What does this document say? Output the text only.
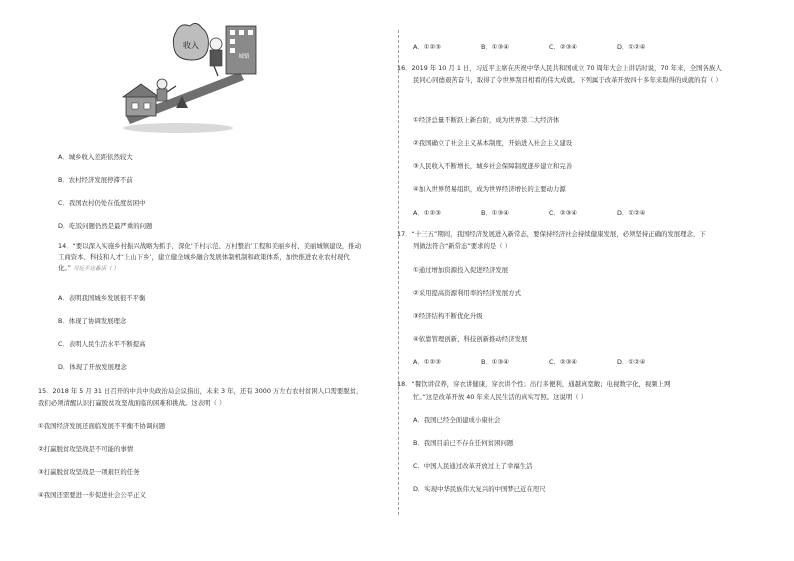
收入
城镇
A．城乡收入差距依然较大
B．农村经济发展停滞不前
C．我国农村仍处在低度贫困中
D．吃饭问题仍然是最严重的问题
14．“要以深入实施乡村振兴战略为抓手，深化‘千村示范、万村整治’工程和美丽乡村、美丽城镇建设，推动
工商资本、科技和人才‘上山下乡’，建立健全城乡融合发展体制机制和政策体系，加快推进农业农村现代
化。” 习近平这番话（ ）
A．表明我国城乡发展很不平衡
B．体现了协调发展理念
C．表明人民生活水平不断提高
D．体现了开放发展理念
15．2018 年 5 月 31 日召开的中共中央政治局会议指出，未来 3 年，还有 3000 万左右农村贫困人口需要脱贫，
我们必须清醒认识打赢脱贫攻坚战面临的困难和挑战。这表明（ ）
①我国经济发展还面临发展不平衡不协调问题
②打赢脱贫攻坚战是不可能的事情
③打赢脱贫攻坚战是一项艰巨的任务
④我国还需要进一步促进社会公平正义
A．①②③	B．①③④	C．②③④	D．①②④
16．2019 年 10 月 1 日，习近平主席在庆祝中华人民共和国成立 70 周年大会上讲话时说，70 年来，全国各族人
民同心同德艰苦奋斗，取得了令世界刮目相看的伟大成就。下列属于改革开放四十多年来取得的成就的有（ ）
①经济总量不断跃上新台阶，成为世界第二大经济体
②我国确立了社会主义基本制度，开始进入社会主义建设
③人民收入不断增长，城乡社会保障制度逐步建立和完善
④加入世界贸易组织，成为世界经济增长的主要动力源
A．①②③	B．①③④	C．②③④	D．①②④
17．“十三五”期间，我国经济发展进入新常态，要保持经济社会持续健康发展，必须坚持正确的发展理念，下
列做法符合“新常态”要求的是（ ）
①通过增加资源投入促进经济发展
②采用提高资源利用率的经济发展方式
③经济结构不断优化升级
④依靠管理创新、科技创新推动经济发展
A．①②③	B．①③④	C．②③④	D．①②④
18．“餐饮讲营养，穿衣讲健康，穿衣讲个性；出行多便利，通越真宽敞；电视数字化，视频上网
忙。”这是改革开放 40 年来人民生活的真实写照。这说明（ ）
A．我国已经全面建成小康社会
B．我国目前已不存在任何贫困问题
C．中国人民通过改革开放过上了幸福生活
D．实现中华民族伟大复兴的中国梦已近在咫尺
